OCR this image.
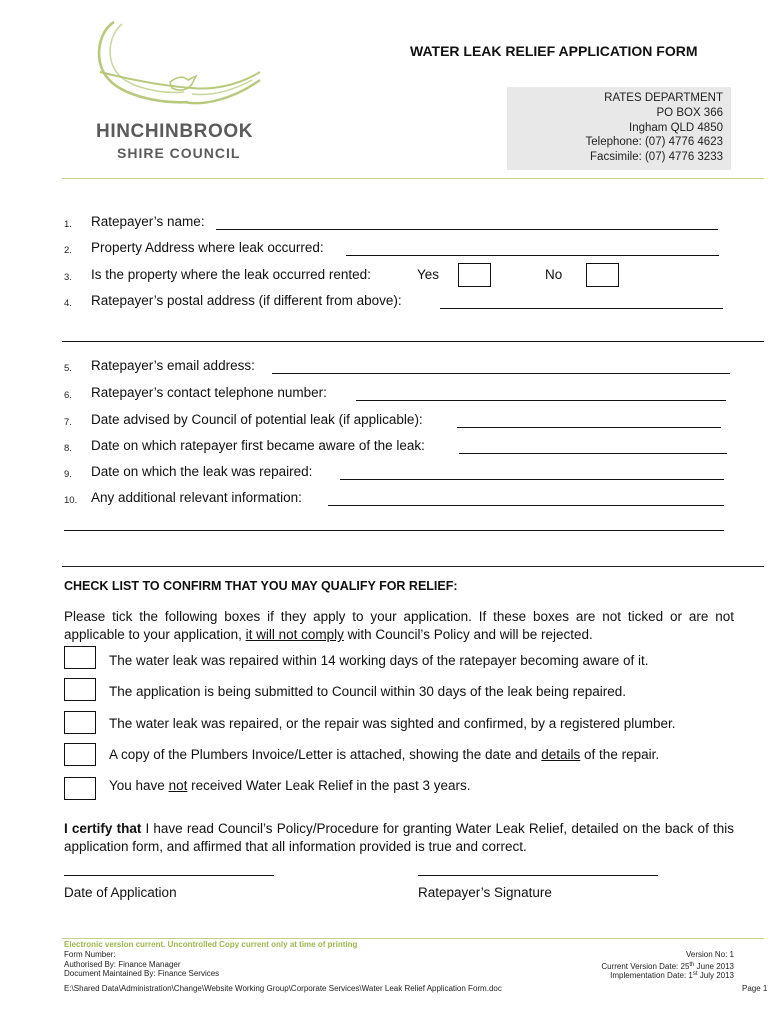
HINCHINBROOK
SHIRE COUNCIL
WATER LEAK RELIEF APPLICATION FORM
RATES DEPARTMENT
PO BOX 366
Ingham QLD 4850
Telephone: (07) 4776 4623
Facsimile: (07) 4776 3233
1.	Ratepayer’s name:
2.	Property Address where leak occurred:
3.	Is the property where the leak occurred rented:	Yes	No
4.	Ratepayer’s postal address (if different from above):
5.	Ratepayer’s email address:
6.	Ratepayer’s contact telephone number:
7.	Date advised by Council of potential leak (if applicable):
8.	Date on which ratepayer first became aware of the leak:
9.	Date on which the leak was repaired:
10.	Any additional relevant information:
CHECK LIST TO CONFIRM THAT YOU MAY QUALIFY FOR RELIEF:
Please tick the following boxes if they apply to your application. If these boxes are not ticked or are not applicable to your application, it will not comply with Council’s Policy and will be rejected.
The water leak was repaired within 14 working days of the ratepayer becoming aware of it.
The application is being submitted to Council within 30 days of the leak being repaired.
The water leak was repaired, or the repair was sighted and confirmed, by a registered plumber.
A copy of the Plumbers Invoice/Letter is attached, showing the date and details of the repair.
You have not received Water Leak Relief in the past 3 years.
I certify that I have read Council’s Policy/Procedure for granting Water Leak Relief, detailed on the back of this application form, and affirmed that all information provided is true and correct.
Date of Application	Ratepayer’s Signature
Electronic version current. Uncontrolled Copy current only at time of printing
Form Number:
Authorised By: Finance Manager
Document Maintained By: Finance Services
Version No: 1
Current Version Date: 25th June 2013
Implementation Date: 1st July 2013
E:\Shared Data\Administration\Change\Website Working Group\Corporate Services\Water Leak Relief Application Form.doc	Page 1
